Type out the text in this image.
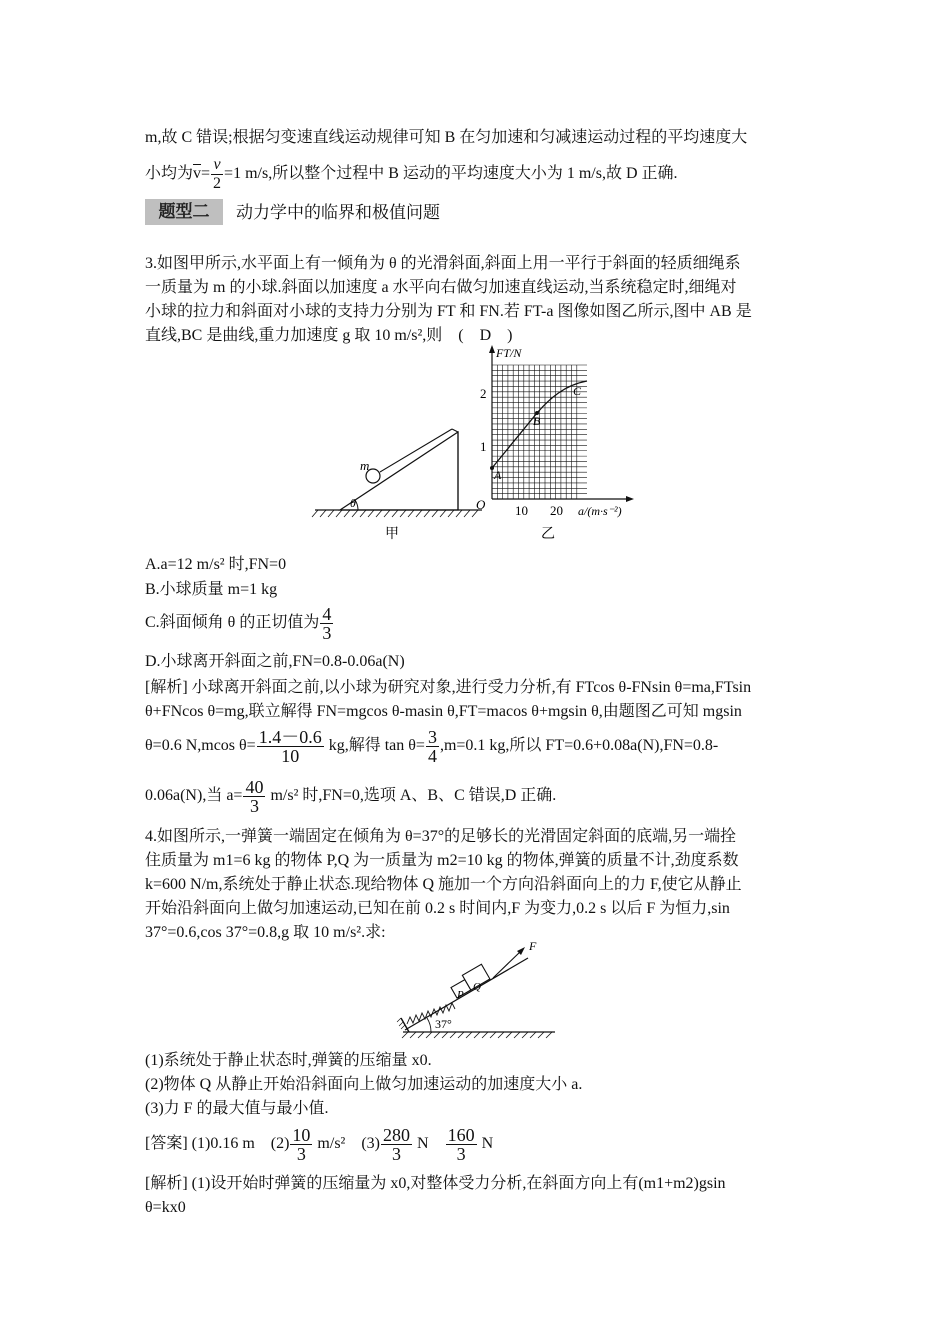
m,故 C 错误;根据匀变速直线运动规律可知 B 在匀加速和匀减速运动过程的平均速度大
小均为$\overline{v}= \frac{v}{2} =1$ m/s,所以整个过程中 B 运动的平均速度大小为 1 m/s,故 D 正确.
题型二	动力学中的临界和极值问题
3.如图甲所示,水平面上有一倾角为 θ 的光滑斜面,斜面上用一平行于斜面的轻质细绳系
一质量为 m 的小球.斜面以加速度 a 水平向右做匀加速直线运动,当系统稳定时,细绳对
小球的拉力和斜面对小球的支持力分别为 FT 和 FN.若 FT-a 图像如图乙所示,图中 AB 是
直线,BC 是曲线,重力加速度 g 取 10 m/s²,则　(　D　)
m
θ
甲
FT/N
2
1
O 10 20 a/(m·s⁻²)
A
B
C
乙
A.a=12 m/s² 时,FN=0
B.小球质量 m=1 kg
C.斜面倾角 θ 的正切值为 $\frac{4}{3}$
D.小球离开斜面之前,FN=0.8-0.06a(N)
[解析] 小球离开斜面之前,以小球为研究对象,进行受力分析,有 FTcos θ-FNsin θ=ma,FTsin
θ+FNcos θ=mg,联立解得 FN=mgcos θ-masin θ,FT=macos θ+mgsin θ,由题图乙可知 mgsin
θ=0.6 N,mcos $\theta= \frac{1.4-0.6}{10}$ kg,解得 $\tan \theta= \frac{3}{4} ,m=0.1$ kg,所以 FT=0.6+0.08a(N),FN=0.8-
0.06a(N),当 $a= \frac{40}{3} m/s^2$ 时,FN=0,选项 A、B、C 错误,D 正确.
4.如图所示,一弹簧一端固定在倾角为 θ=37°的足够长的光滑固定斜面的底端,另一端拴
住质量为 m1=6 kg 的物体 P,Q 为一质量为 m2=10 kg 的物体,弹簧的质量不计,劲度系数
k=600 N/m,系统处于静止状态.现给物体 Q 施加一个方向沿斜面向上的力 F,使它从静止
开始沿斜面向上做匀加速运动,已知在前 0.2 s 时间内,F 为变力,0.2 s 以后 F 为恒力,sin
37°=0.6,cos 37°=0.8,g 取 10 m/s².求:
F
P
Q
37°
(1)系统处于静止状态时,弹簧的压缩量 x0.
(2)物体 Q 从静止开始沿斜面向上做匀加速运动的加速度大小 a.
(3)力 F 的最大值与最小值.
[答案] (1)0.16 m　$(2) \frac{10}{3} m/s^2$　$(3) \frac{280}{3}$ N　 $\frac{160}{3}$ N
[解析] (1)设开始时弹簧的压缩量为 x0,对整体受力分析,在斜面方向上有(m1+m2)gsin
θ=kx0
